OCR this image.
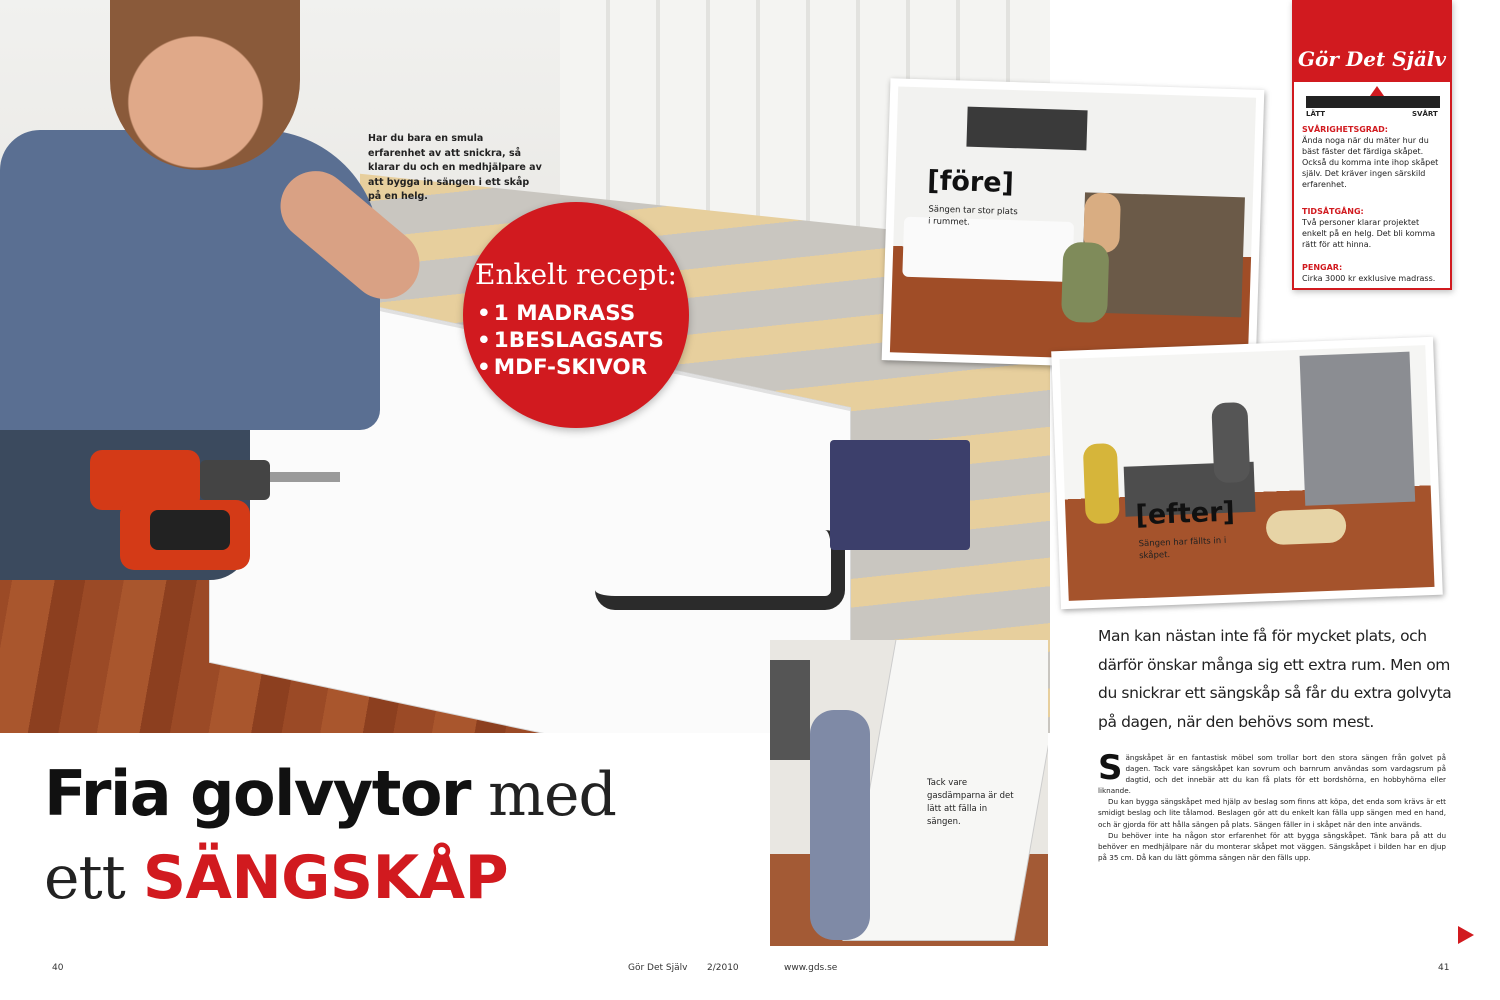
Har du bara en smula erfarenhet av att snickra, så klarar du och en medhjälpare av att bygga in sängen i ett skåp på en helg.
Enkelt recept:
• 1 MADRASS
• 1BESLAGSATS
• MDF-SKIVOR
Fria golvytor med
ett SÄNGSKÅP
40	Gör Det Själv 2/2010	www.gds.se	41
[före]
Sängen tar stor plats i rummet.
[efter]
Sängen har fällts in i skåpet.
Tack vare gasdämparna är det lätt att fälla in sängen.
Gör Det Själv
LÄTT	SVÅRT
SVÅRIGHETSGRAD:
Ända noga när du mäter hur du bäst fäster det färdiga skåpet. Också du komma inte ihop skåpet själv. Det kräver ingen särskild erfarenhet.
TIDSÅTGÅNG:
Två personer klarar projektet enkelt på en helg. Det bli komma rätt för att hinna.
PENGAR:
Cirka 3000 kr exklusive madrass.
Man kan nästan inte få för mycket plats, och därför önskar många sig ett extra rum. Men om du snickrar ett sängskåp så får du extra golvyta på dagen, när den behövs som mest.

Sängskåpet är en fantastisk möbel som trollar bort den stora sängen från golvet på dagen. Tack vare sängskåpet kan sovrum och barnrum användas som vardagsrum på dagtid, och det innebär att du kan få plats för ett bordshörna, en hobbyhörna eller liknande.

Du kan bygga sängskåpet med hjälp av beslag som finns att köpa, det enda som krävs är ett smidigt beslag och lite tålamod. Beslagen gör att du enkelt kan fälla upp sängen med en hand, och är gjorda för att hålla sängen på plats. Sängen fäller in i skåpet när den inte används.

Du behöver inte ha någon stor erfarenhet för att bygga sängskåpet. Tänk bara på att du behöver en medhjälpare när du monterar skåpet mot väggen. Sängskåpet i bilden har en djup på 35 cm. Då kan du lätt gömma sängen när den fälls upp.
